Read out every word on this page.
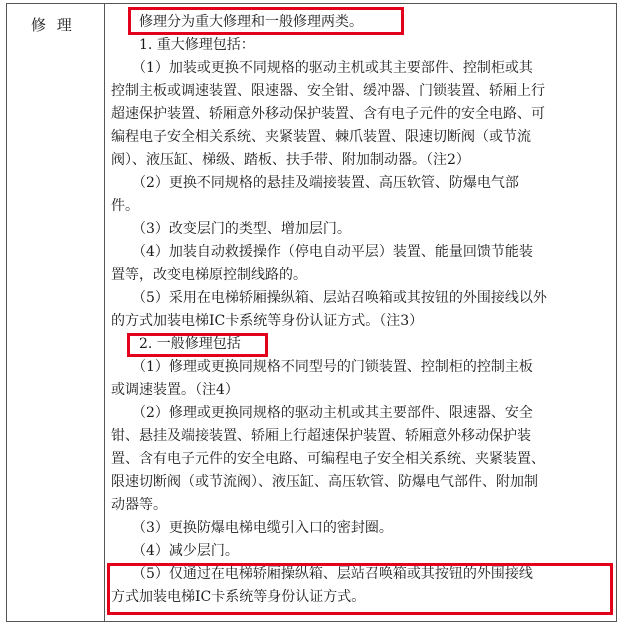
修 理	　　修理分为重大修理和一般修理两类。
　　1. 重大修理包括：
　　（1）加装或更换不同规格的驱动主机或其主要部件、控制柜或其
控制主板或调速装置、限速器、安全钳、缓冲器、门锁装置、轿厢上行
超速保护装置、轿厢意外移动保护装置、含有电子元件的安全电路、可
编程电子安全相关系统、夹紧装置、棘爪装置、限速切断阀（或节流
阀）、液压缸、梯级、踏板、扶手带、附加制动器。（注2）
　　（2）更换不同规格的悬挂及端接装置、高压软管、防爆电气部
件。
　　（3）改变层门的类型、增加层门。
　　（4）加装自动救援操作（停电自动平层）装置、能量回馈节能装
置等，改变电梯原控制线路的。
　　（5）采用在电梯轿厢操纵箱、层站召唤箱或其按钮的外围接线以外
的方式加装电梯IC卡系统等身份认证方式。（注3）
　　2. 一般修理包括
　　（1）修理或更换同规格不同型号的门锁装置、控制柜的控制主板
或调速装置。（注4）
　　（2）修理或更换同规格的驱动主机或其主要部件、限速器、安全
钳、悬挂及端接装置、轿厢上行超速保护装置、轿厢意外移动保护装
置、含有电子元件的安全电路、可编程电子安全相关系统、夹紧装置、
限速切断阀（或节流阀）、液压缸、高压软管、防爆电气部件、附加制
动器等。
　　（3）更换防爆电梯电缆引入口的密封圈。
　　（4）减少层门。
　　（5）仅通过在电梯轿厢操纵箱、层站召唤箱或其按钮的外围接线
方式加装电梯IC卡系统等身份认证方式。
